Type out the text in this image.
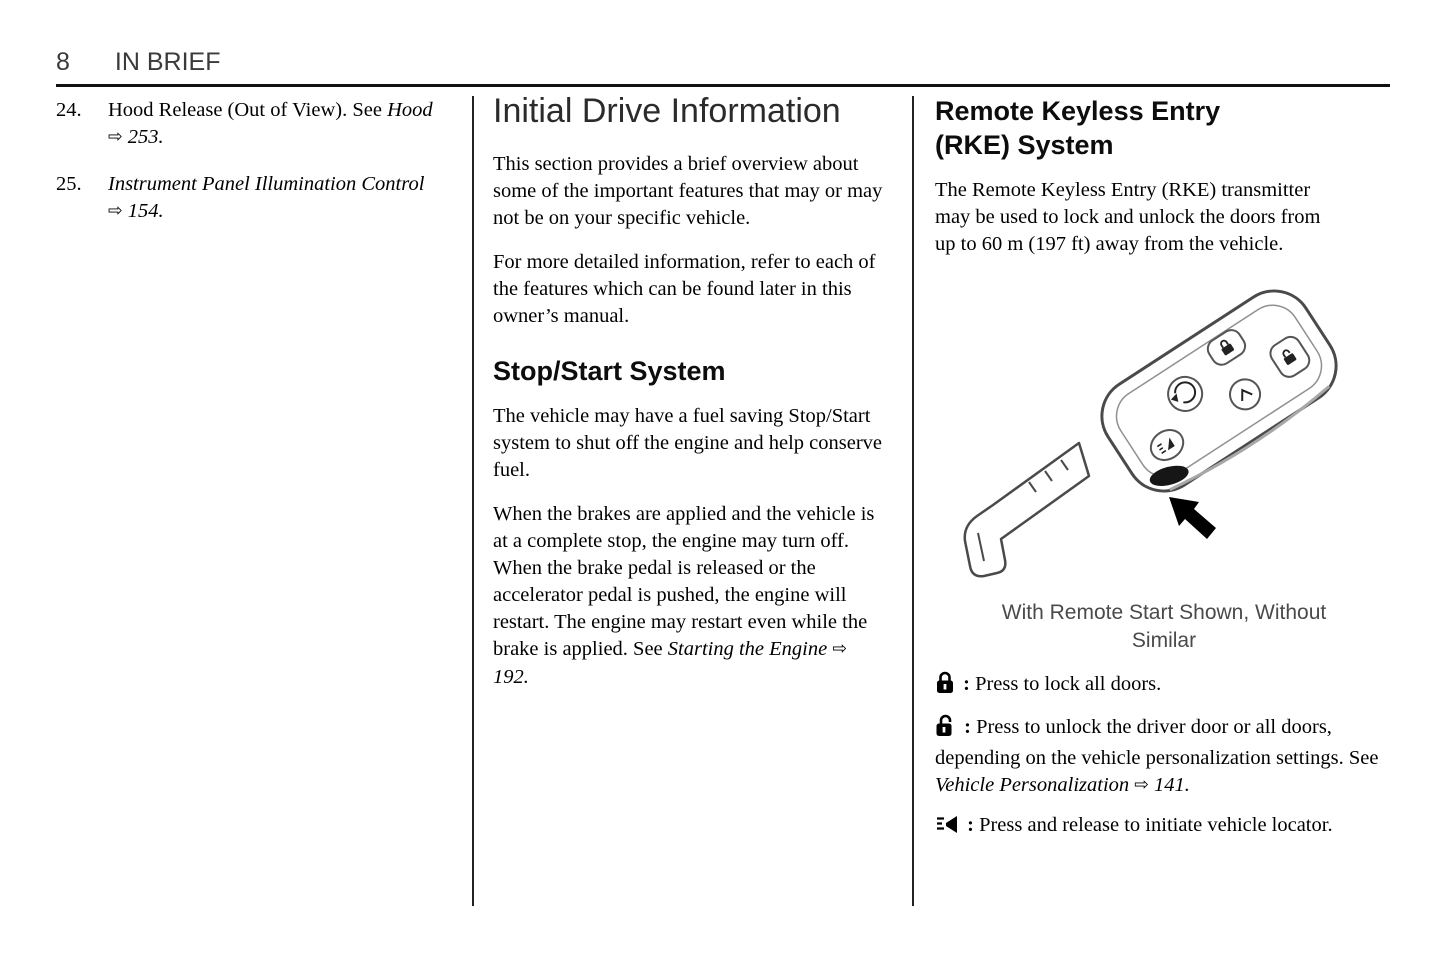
8 IN BRIEF
24.	Hood Release (Out of View). See Hood ⇨ 253.
25.	Instrument Panel Illumination Control ⇨ 154.
Initial Drive Information

This section provides a brief overview about some of the important features that may or may not be on your specific vehicle.

For more detailed information, refer to each of the features which can be found later in this owner’s manual.

Stop/Start System

The vehicle may have a fuel saving Stop/Start system to shut off the engine and help conserve fuel.

When the brakes are applied and the vehicle is at a complete stop, the engine may turn off. When the brake pedal is released or the accelerator pedal is pushed, the engine will restart. The engine may restart even while the brake is applied. See Starting the Engine ⇨ 192.

Remote Keyless Entry (RKE) System

The Remote Keyless Entry (RKE) transmitter may be used to lock and unlock the doors from up to 60 m (197 ft) away from the vehicle.

With Remote Start Shown, Without Similar

: Press to lock all doors.

: Press to unlock the driver door or all doors, depending on the vehicle personalization settings. See Vehicle Personalization ⇨ 141.

: Press and release to initiate vehicle locator.
